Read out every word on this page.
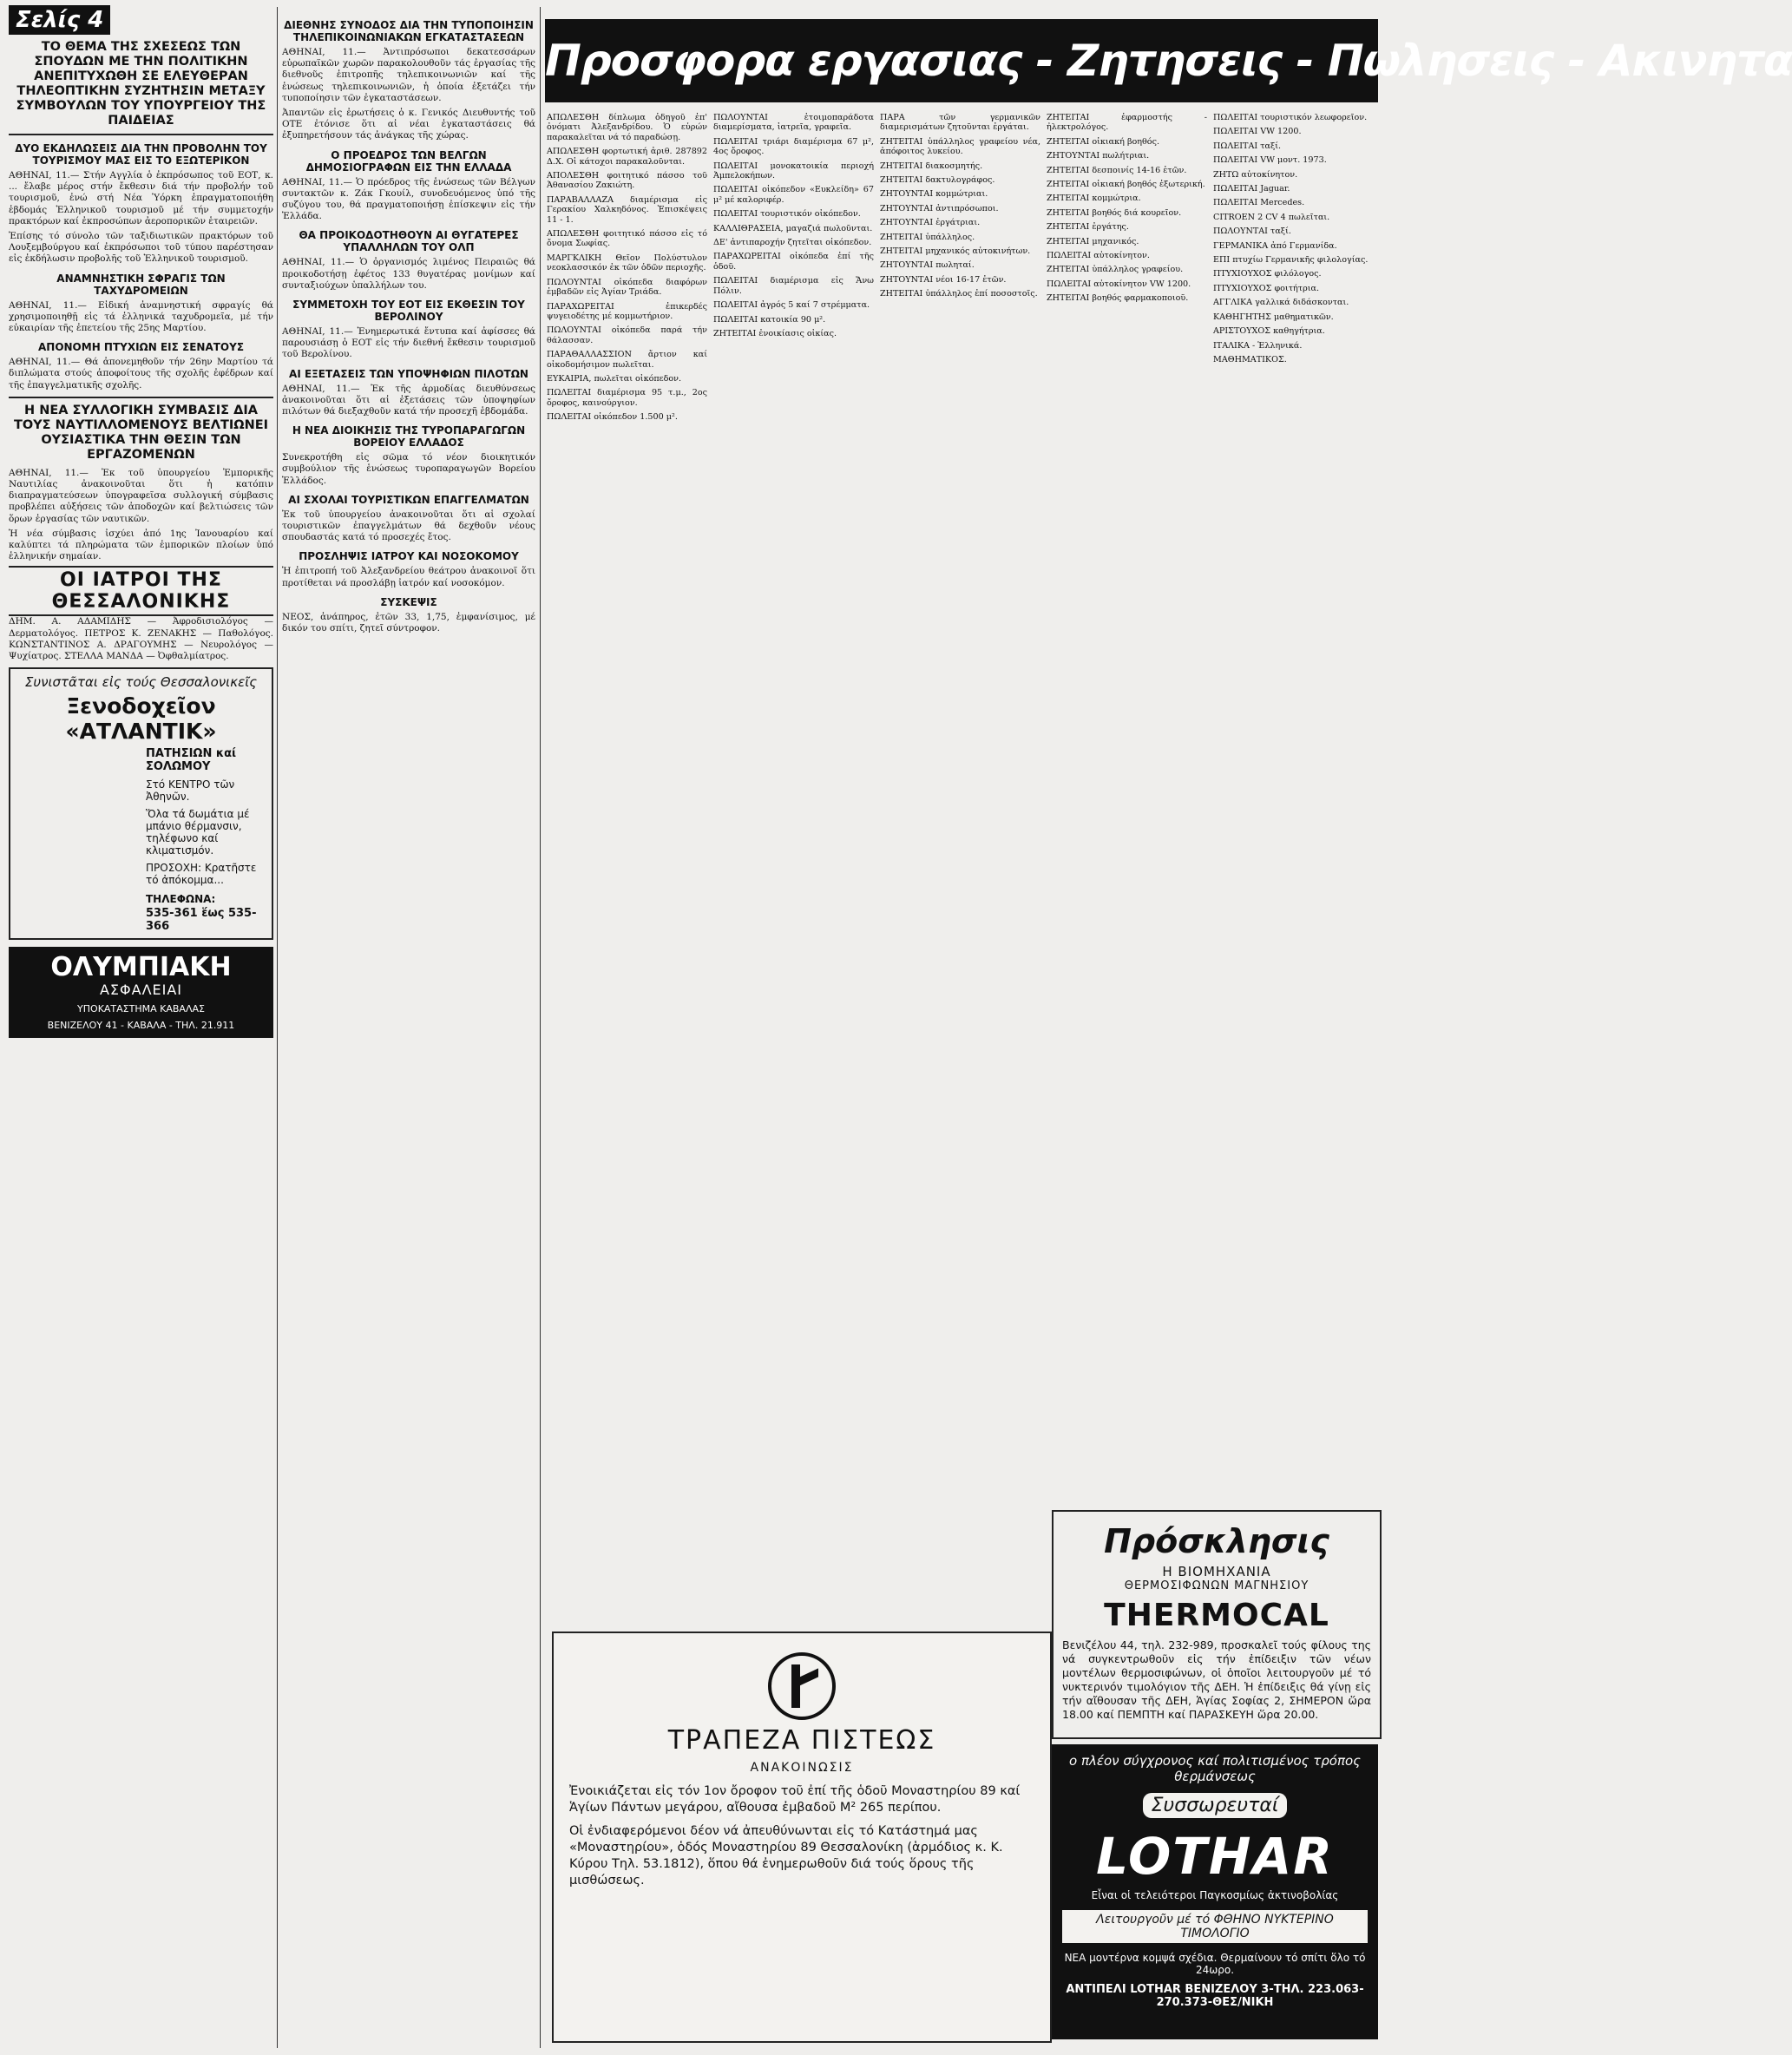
Σελίς 4
ΤΟ ΘΕΜΑ ΤΗΣ ΣΧΕΣΕΩΣ ΤΩΝ ΣΠΟΥΔΩΝ ΜΕ ΤΗΝ ΠΟΛΙΤΙΚΗΝ ΑΝΕΠΙΤΥΧΩΘΗ ΣΕ ΕΛΕΥΘΕΡΑΝ ΤΗΛΕΟΠΤΙΚΗΝ ΣΥΖΗΤΗΣΙΝ ΜΕΤΑΞΥ ΣΥΜΒΟΥΛΩΝ ΤΟΥ ΥΠΟΥΡΓΕΙΟΥ ΤΗΣ ΠΑΙΔΕΙΑΣ
ΔΥΟ ΕΚΔΗΛΩΣΕΙΣ ΔΙΑ ΤΗΝ ΠΡΟΒΟΛΗΝ ΤΟΥ ΤΟΥΡΙΣΜΟΥ ΜΑΣ ΕΙΣ ΤΟ ΕΞΩΤΕΡΙΚΟΝ

ΑΘΗΝΑΙ, 11.— Στήν Αγγλία ὁ ἐκπρόσωπος τοῦ ΕΟΤ, κ. ... ἔλαβε μέρος στήν ἔκθεσιν διά τήν προβολήν τοῦ τουρισμοῦ, ἐνώ στή Νέα Ὑόρκη ἐπραγματοποιήθη ἑβδομάς Ἑλληνικοῦ τουρισμοῦ μέ τήν συμμετοχήν πρακτόρων καί ἐκπροσώπων ἀεροπορικῶν ἑταιρειῶν.

Ἐπίσης τό σύνολο τῶν ταξιδιωτικῶν πρακτόρων τοῦ Λουξεμβούργου καί ἐκπρόσωποι τοῦ τύπου παρέστησαν εἰς ἐκδήλωσιν προβολῆς τοῦ Ἑλληνικοῦ τουρισμοῦ.

ΑΝΑΜΝΗΣΤΙΚΗ ΣΦΡΑΓΙΣ ΤΩΝ ΤΑΧΥΔΡΟΜΕΙΩΝ

ΑΘΗΝΑΙ, 11.— Εἰδική ἀναμνηστική σφραγίς θά χρησιμοποιηθῇ εἰς τά ἑλληνικά ταχυδρομεῖα, μέ τήν εὐκαιρίαν τῆς ἐπετείου τῆς 25ης Μαρτίου.

ΑΠΟΝΟΜΗ ΠΤΥΧΙΩΝ ΕΙΣ ΣΕΝΑΤΟΥΣ

ΑΘΗΝΑΙ, 11.— Θά ἀπονεμηθοῦν τήν 26ην Μαρτίου τά διπλώματα στούς ἀποφοίτους τῆς σχολῆς ἐφέδρων καί τῆς ἐπαγγελματικῆς σχολῆς.

Η ΝΕΑ ΣΥΛΛΟΓΙΚΗ ΣΥΜΒΑΣΙΣ ΔΙΑ ΤΟΥΣ ΝΑΥΤΙΛΛΟΜΕΝΟΥΣ ΒΕΛΤΙΩΝΕΙ ΟΥΣΙΑΣΤΙΚΑ ΤΗΝ ΘΕΣΙΝ ΤΩΝ ΕΡΓΑΖΟΜΕΝΩΝ

ΑΘΗΝΑΙ, 11.— Ἐκ τοῦ ὑπουργείου Ἐμπορικῆς Ναυτιλίας ἀνακοινοῦται ὅτι ἡ κατόπιν διαπραγματεύσεων ὑπογραφεῖσα συλλογική σύμβασις προβλέπει αὐξήσεις τῶν ἀποδοχῶν καί βελτιώσεις τῶν ὅρων ἐργασίας τῶν ναυτικῶν.

Ἡ νέα σύμβασις ἰσχύει ἀπό 1ης Ἰανουαρίου καί καλύπτει τά πληρώματα τῶν ἐμπορικῶν πλοίων ὑπό ἑλληνικήν σημαίαν.

ΟΙ ΙΑΤΡΟΙ ΤΗΣ ΘΕΣΣΑΛΟΝΙΚΗΣ

ΔΗΜ. Α. ΑΔΑΜΙΔΗΣ — Ἀφροδισιολόγος — Δερματολόγος. ΠΕΤΡΟΣ Κ. ΖΕΝΑΚΗΣ — Παθολόγος. ΚΩΝΣΤΑΝΤΙΝΟΣ Α. ΔΡΑΓΟΥΜΗΣ — Νευρολόγος — Ψυχίατρος. ΣΤΕΛΛΑ ΜΑΝΔΑ — Ὀφθαλμίατρος.

Συνιστᾶται εἰς τούς Θεσσαλονικεῖς
Ξενοδοχεῖον «ΑΤΛΑΝΤΙΚ»
ΠΑΤΗΣΙΩΝ καί ΣΟΛΩΜΟΥ
Στό ΚΕΝΤΡΟ τῶν Ἀθηνῶν.
Ὅλα τά δωμάτια μέ μπάνιο θέρμανσιν, τηλέφωνο καί κλιματισμόν.
ΠΡΟΣΟΧΗ: Κρατῆστε τό ἀπόκομμα...
ΤΗΛΕΦΩΝΑ:
535-361 ἕως 535-366
ΟΛΥΜΠΙΑΚΗ
ΑΣΦΑΛΕΙΑΙ
ΥΠΟΚΑΤΑΣΤΗΜΑ ΚΑΒΑΛΑΣ
ΒΕΝΙΖΕΛΟΥ 41 - ΚΑΒΑΛΑ - ΤΗΛ. 21.911
ΔΙΕΘΝΗΣ ΣΥΝΟΔΟΣ ΔΙΑ ΤΗΝ ΤΥΠΟΠΟΙΗΣΙΝ ΤΗΛΕΠΙΚΟΙΝΩΝΙΑΚΩΝ ΕΓΚΑΤΑΣΤΑΣΕΩΝ

ΑΘΗΝΑΙ, 11.— Ἀντιπρόσωποι δεκατεσσάρων εὐρωπαϊκῶν χωρῶν παρακολουθοῦν τάς ἐργασίας τῆς διεθνοῦς ἐπιτροπῆς τηλεπικοινωνιῶν καί τῆς ἑνώσεως τηλεπικοινωνιῶν, ἡ ὁποία ἐξετάζει τήν τυποποίησιν τῶν ἐγκαταστάσεων.

Ἀπαντῶν εἰς ἐρωτήσεις ὁ κ. Γενικός Διευθυντής τοῦ ΟΤΕ ἐτόνισε ὅτι αἱ νέαι ἐγκαταστάσεις θά ἐξυπηρετήσουν τάς ἀνάγκας τῆς χώρας.

Ο ΠΡΟΕΔΡΟΣ ΤΩΝ ΒΕΛΓΩΝ ΔΗΜΟΣΙΟΓΡΑΦΩΝ ΕΙΣ ΤΗΝ ΕΛΛΑΔΑ

ΑΘΗΝΑΙ, 11.— Ὁ πρόεδρος τῆς ἑνώσεως τῶν Βέλγων συντακτῶν κ. Ζάκ Γκουίλ, συνοδευόμενος ὑπό τῆς συζύγου του, θά πραγματοποιήσῃ ἐπίσκεψιν εἰς τήν Ἑλλάδα.

ΘΑ ΠΡΟΙΚΟΔΟΤΗΘΟΥΝ ΑΙ ΘΥΓΑΤΕΡΕΣ ΥΠΑΛΛΗΛΩΝ ΤΟΥ ΟΛΠ

ΑΘΗΝΑΙ, 11.— Ὁ ὀργανισμός λιμένος Πειραιῶς θά προικοδοτήσῃ ἐφέτος 133 θυγατέρας μονίμων καί συνταξιούχων ὑπαλλήλων του.

ΣΥΜΜΕΤΟΧΗ ΤΟΥ ΕΟΤ ΕΙΣ ΕΚΘΕΣΙΝ ΤΟΥ ΒΕΡΟΛΙΝΟΥ

ΑΘΗΝΑΙ, 11.— Ἐνημερωτικά ἔντυπα καί ἀφίσσες θά παρουσιάσῃ ὁ ΕΟΤ εἰς τήν διεθνή ἔκθεσιν τουρισμοῦ τοῦ Βερολίνου.

ΑΙ ΕΞΕΤΑΣΕΙΣ ΤΩΝ ΥΠΟΨΗΦΙΩΝ ΠΙΛΟΤΩΝ

ΑΘΗΝΑΙ, 11.— Ἐκ τῆς ἁρμοδίας διευθύνσεως ἀνακοινοῦται ὅτι αἱ ἐξετάσεις τῶν ὑποψηφίων πιλότων θά διεξαχθοῦν κατά τήν προσεχῆ ἑβδομάδα.

Η ΝΕΑ ΔΙΟΙΚΗΣΙΣ ΤΗΣ ΤΥΡΟΠΑΡΑΓΩΓΩΝ ΒΟΡΕΙΟΥ ΕΛΛΑΔΟΣ

Συνεκροτήθη εἰς σῶμα τό νέον διοικητικόν συμβούλιον τῆς ἑνώσεως τυροπαραγωγῶν Βορείου Ἑλλάδος.

ΑΙ ΣΧΟΛΑΙ ΤΟΥΡΙΣΤΙΚΩΝ ΕΠΑΓΓΕΛΜΑΤΩΝ

Ἐκ τοῦ ὑπουργείου ἀνακοινοῦται ὅτι αἱ σχολαί τουριστικῶν ἐπαγγελμάτων θά δεχθοῦν νέους σπουδαστάς κατά τό προσεχές ἔτος.

ΠΡΟΣΛΗΨΙΣ ΙΑΤΡΟΥ ΚΑΙ ΝΟΣΟΚΟΜΟΥ

Ἡ ἐπιτροπή τοῦ Ἀλεξανδρείου θεάτρου ἀνακοινοῖ ὅτι προτίθεται νά προσλάβῃ ἰατρόν καί νοσοκόμον.

ΣΥΣΚΕΨΙΣ

ΝΕΟΣ, ἀνάπηρος, ἐτῶν 33, 1,75, ἐμφανίσιμος, μέ δικόν του σπίτι, ζητεῖ σύντροφον.

Προσφορα εργασιας - Ζητησεις - Πωλησεις - Ακινητα

ΑΠΩΛΕΣΘΗ δίπλωμα ὁδηγοῦ ἐπ' ὀνόματι Ἀλεξανδρίδου. Ὁ εὑρών παρακαλεῖται νά τό παραδώσῃ.

ΑΠΩΛΕΣΘΗ φορτωτική ἀριθ. 287892 Δ.Χ. Οἱ κάτοχοι παρακαλοῦνται.

ΑΠΟΛΕΣΘΗ φοιτητικό πάσσο τοῦ Ἀθανασίου Ζακιώτη.

ΠΑΡΑΒΑΛΛΑΖΑ διαμέρισμα εἰς Γερακίου Χαλκηδόνος. Ἐπισκέψεις 11 - 1.

ΑΠΩΛΕΣΘΗ φοιτητικό πάσσο εἰς τό ὄνομα Σωφίας.

ΜΑΡΓΚΛΙΚΗ Θεῖον Πολύστυλον νεοκλασσικόν ἐκ τῶν ὁδῶν περιοχῆς.

ΠΩΛΟΥΝΤΑΙ οἰκόπεδα διαφόρων ἐμβαδῶν εἰς Ἀγίαν Τριάδα.

ΠΑΡΑΧΩΡΕΙΤΑΙ ἐπικερδές ψυγειοδέτης μέ κομμωτήριον.

ΠΩΛΟΥΝΤΑΙ οἰκόπεδα παρά τήν θάλασσαν.

ΠΑΡΑΘΑΛΛΑΣΣΙΟΝ ἄρτιον καί οἰκοδομήσιμον πωλεῖται.

ΕΥΚΑΙΡΙΑ, πωλεῖται οἰκόπεδον.

ΠΩΛΕΙΤΑΙ διαμέρισμα 95 τ.μ., 2ος ὄροφος, καινούργιον.

ΠΩΛΕΙΤΑΙ οἰκόπεδον 1.500 μ².

ΠΩΛΟΥΝΤΑΙ ἑτοιμοπαράδοτα διαμερίσματα, ἰατρεῖα, γραφεῖα.

ΠΩΛΕΙΤΑΙ τριάρι διαμέρισμα 67 μ², 4ος ὄροφος.

ΠΩΛΕΙΤΑΙ μονοκατοικία περιοχή Ἀμπελοκήπων.

ΠΩΛΕΙΤΑΙ οἰκόπεδον «Ευκλείδη» 67 μ² μέ καλοριφέρ.

ΠΩΛΕΙΤΑΙ τουριστικόν οἰκόπεδον.

ΚΑΛΛΙΘΡΑΣΕΙΑ, μαγαζιά πωλοῦνται.

ΔΕ' ἀντιπαροχήν ζητεῖται οἰκόπεδον.

ΠΑΡΑΧΩΡΕΙΤΑΙ οἰκόπεδα ἐπί τῆς ὁδοῦ.

ΠΩΛΕΙΤΑΙ διαμέρισμα εἰς Ἄνω Πόλιν.

ΠΩΛΕΙΤΑΙ ἀγρός 5 καί 7 στρέμματα.

ΠΩΛΕΙΤΑΙ κατοικία 90 μ².

ΖΗΤΕΙΤΑΙ ἐνοικίασις οἰκίας.

ΠΑΡΑ τῶν γερμανικῶν διαμερισμάτων ζητοῦνται ἐργάται.

ΖΗΤΕΙΤΑΙ ὑπάλληλος γραφείου νέα, ἀπόφοιτος λυκείου.

ΖΗΤΕΙΤΑΙ διακοσμητής.

ΖΗΤΕΙΤΑΙ δακτυλογράφος.

ΖΗΤΟΥΝΤΑΙ κομμώτριαι.

ΖΗΤΟΥΝΤΑΙ ἀντιπρόσωποι.

ΖΗΤΟΥΝΤΑΙ ἐργάτριαι.

ΖΗΤΕΙΤΑΙ ὑπάλληλος.

ΖΗΤΕΙΤΑΙ μηχανικός αὐτοκινήτων.

ΖΗΤΟΥΝΤΑΙ πωληταί.

ΖΗΤΟΥΝΤΑΙ νέοι 16-17 ἐτῶν.

ΖΗΤΕΙΤΑΙ ὑπάλληλος ἐπί ποσοστοῖς.

ΖΗΤΕΙΤΑΙ ἐφαρμοστής - ἠλεκτρολόγος.

ΖΗΤΕΙΤΑΙ οἰκιακή βοηθός.

ΖΗΤΟΥΝΤΑΙ πωλήτριαι.

ΖΗΤΕΙΤΑΙ δεσποινίς 14-16 ἐτῶν.

ΖΗΤΕΙΤΑΙ οἰκιακή βοηθός ἐξωτερική.

ΖΗΤΕΙΤΑΙ κομμώτρια.

ΖΗΤΕΙΤΑΙ βοηθός διά κουρεῖον.

ΖΗΤΕΙΤΑΙ ἐργάτης.

ΖΗΤΕΙΤΑΙ μηχανικός.

ΠΩΛΕΙΤΑΙ αὐτοκίνητον.

ΖΗΤΕΙΤΑΙ ὑπάλληλος γραφείου.

ΠΩΛΕΙΤΑΙ αὐτοκίνητον VW 1200.

ΖΗΤΕΙΤΑΙ βοηθός φαρμακοποιοῦ.

ΠΩΛΕΙΤΑΙ τουριστικόν λεωφορεῖον.

ΠΩΛΕΙΤΑΙ VW 1200.

ΠΩΛΕΙΤΑΙ ταξί.

ΠΩΛΕΙΤΑΙ VW μοντ. 1973.

ΖΗΤΩ αὐτοκίνητον.

ΠΩΛΕΙΤΑΙ Jaguar.

ΠΩΛΕΙΤΑΙ Mercedes.

CITROEN 2 CV 4 πωλεῖται.

ΠΩΛΟΥΝΤΑΙ ταξί.

ΓΕΡΜΑΝΙΚΑ ἀπό Γερμανίδα.

ΕΠΙ πτυχίω Γερμανικῆς φιλολογίας.

ΠΤΥΧΙΟΥΧΟΣ φιλόλογος.

ΠΤΥΧΙΟΥΧΟΣ φοιτήτρια.

ΑΓΓΛΙΚΑ γαλλικά διδάσκονται.

ΚΑΘΗΓΗΤΗΣ μαθηματικῶν.

ΑΡΙΣΤΟΥΧΟΣ καθηγήτρια.

ΙΤΑΛΙΚΑ - Ἑλληνικά.

ΜΑΘΗΜΑΤΙΚΟΣ.

ΤΡΑΠΕΖΑ ΠΙΣΤΕΩΣ
ΑΝΑΚΟΙΝΩΣΙΣ
Ἐνοικιάζεται εἰς τόν 1ον ὄροφον τοῦ ἐπί τῆς ὁδοῦ Μοναστηρίου 89 καί Ἁγίων Πάντων μεγάρου, αἴθουσα ἐμβαδοῦ Μ² 265 περίπου.
Οἱ ἐνδιαφερόμενοι δέον νά ἀπευθύνωνται εἰς τό Κατάστημά μας «Μοναστηρίου», ὁδός Μοναστηρίου 89 Θεσσαλονίκη (ἁρμόδιος κ. Κ. Κύρου Τηλ. 53.1812), ὅπου θά ἐνημερωθοῦν διά τούς ὅρους τῆς μισθώσεως.
Πρόσκλησις
Η ΒΙΟΜΗΧΑΝΙΑ
ΘΕΡΜΟΣΙΦΩΝΩΝ ΜΑΓΝΗΣΙΟΥ
THERMOCAL
Βενιζέλου 44, τηλ. 232-989, προσκαλεῖ τούς φίλους της νά συγκεντρωθοῦν εἰς τήν ἐπίδειξιν τῶν νέων μοντέλων θερμοσιφώνων, οἱ ὁποῖοι λειτουργοῦν μέ τό νυκτερινόν τιμολόγιον τῆς ΔΕΗ. Ἡ ἐπίδειξις θά γίνῃ εἰς τήν αἴθουσαν τῆς ΔΕΗ, Ἁγίας Σοφίας 2, ΣΗΜΕΡΟΝ ὥρα 18.00 καί ΠΕΜΠΤΗ καί ΠΑΡΑΣΚΕΥΗ ὥρα 20.00.
ο πλέον σύγχρονος καί πολιτισμένος τρόπος θερμάνσεως
Συσσωρευταί
LOTHAR
Εἶναι οἱ τελειότεροι Παγκοσμίως ἀκτινοβολίας
Λειτουργοῦν μέ τό ΦΘΗΝΟ ΝΥΚΤΕΡΙΝΟ ΤΙΜΟΛΟΓΙΟ
ΝΕΑ μοντέρνα κομψά σχέδια. Θερμαίνουν τό σπίτι ὅλο τό 24ωρο.
ΑΝΤΙΠΕΛΙ LOTHAR ΒΕΝΙΖΕΛΟΥ 3-ΤΗΛ. 223.063-270.373-ΘΕΣ/ΝΙΚΗ
